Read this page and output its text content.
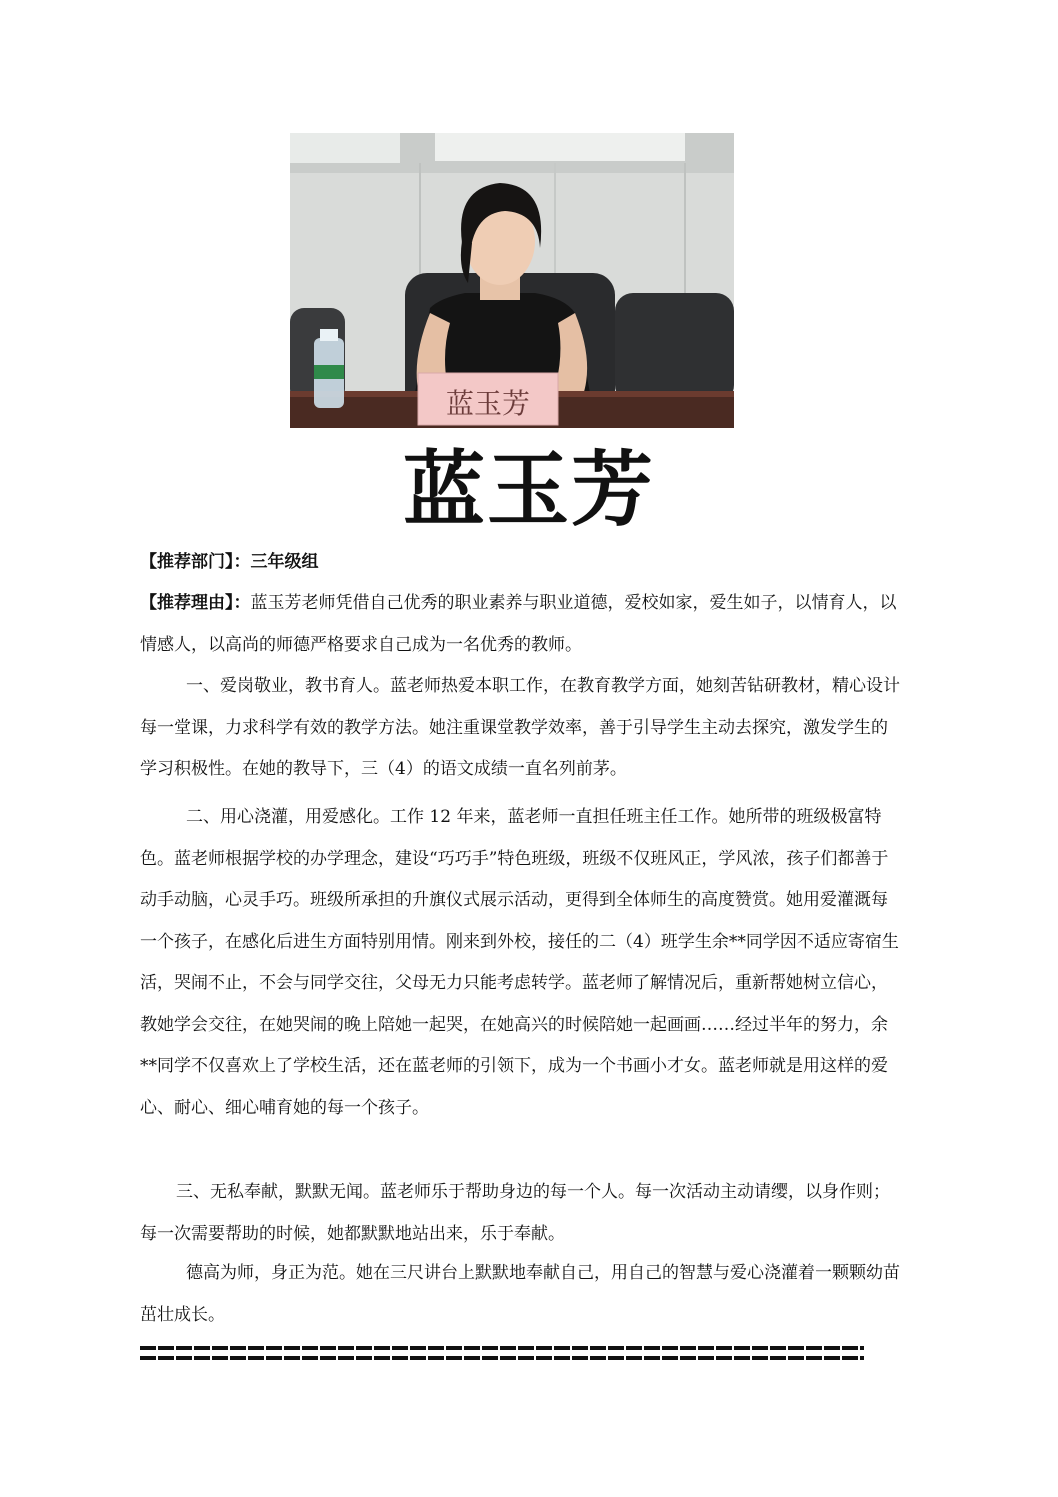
蓝玉芳
蓝玉芳
【推荐部门】：三年级组

【推荐理由】：蓝玉芳老师凭借自己优秀的职业素养与职业道德，爱校如家，爱生如子，以情育人，以情感人，以高尚的师德严格要求自己成为一名优秀的教师。

一、爱岗敬业，教书育人。蓝老师热爱本职工作，在教育教学方面，她刻苦钻研教材，精心设计每一堂课，力求科学有效的教学方法。她注重课堂教学效率，善于引导学生主动去探究，激发学生的学习积极性。在她的教导下，三（4）的语文成绩一直名列前茅。

二、用心浇灌，用爱感化。工作 12 年来，蓝老师一直担任班主任工作。她所带的班级极富特色。蓝老师根据学校的办学理念，建设“巧巧手”特色班级，班级不仅班风正，学风浓，孩子们都善于动手动脑，心灵手巧。班级所承担的升旗仪式展示活动，更得到全体师生的高度赞赏。她用爱灌溉每一个孩子，在感化后进生方面特别用情。刚来到外校，接任的二（4）班学生余**同学因不适应寄宿生活，哭闹不止，不会与同学交往，父母无力只能考虑转学。蓝老师了解情况后，重新帮她树立信心，教她学会交往，在她哭闹的晚上陪她一起哭，在她高兴的时候陪她一起画画……经过半年的努力，余**同学不仅喜欢上了学校生活，还在蓝老师的引领下，成为一个书画小才女。蓝老师就是用这样的爱心、耐心、细心哺育她的每一个孩子。

三、无私奉献，默默无闻。蓝老师乐于帮助身边的每一个人。每一次活动主动请缨，以身作则；每一次需要帮助的时候，她都默默地站出来，乐于奉献。

德高为师，身正为范。她在三尺讲台上默默地奉献自己，用自己的智慧与爱心浇灌着一颗颗幼苗茁壮成长。
